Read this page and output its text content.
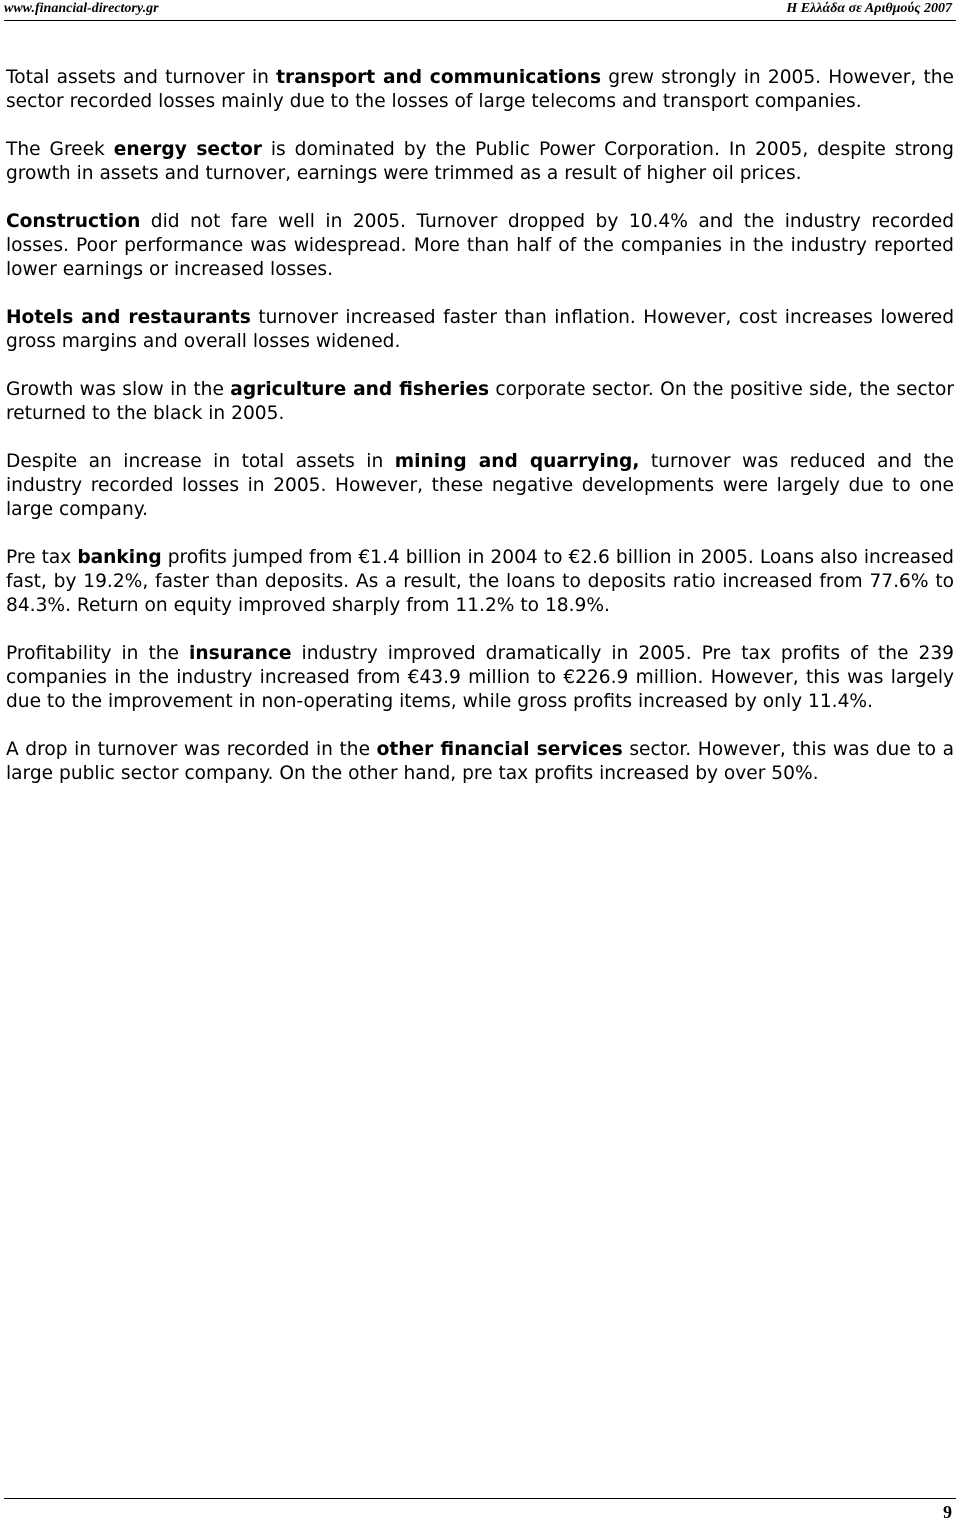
www.financial-directory.gr	Η Ελλάδα σε Αριθμούς 2007

Total assets and turnover in transport and communications grew strongly in 2005. However, the sector recorded losses mainly due to the losses of large telecoms and transport companies.

The Greek energy sector is dominated by the Public Power Corporation. In 2005, despite strong growth in assets and turnover, earnings were trimmed as a result of higher oil prices.

Construction did not fare well in 2005. Turnover dropped by 10.4% and the industry recorded losses. Poor performance was widespread. More than half of the companies in the industry reported lower earnings or increased losses.

Hotels and restaurants turnover increased faster than inflation. However, cost increases lowered gross margins and overall losses widened.

Growth was slow in the agriculture and fisheries corporate sector. On the positive side, the sector returned to the black in 2005.

Despite an increase in total assets in mining and quarrying, turnover was reduced and the industry recorded losses in 2005. However, these negative developments were largely due to one large company.

Pre tax banking profits jumped from €1.4 billion in 2004 to €2.6 billion in 2005. Loans also increased fast, by 19.2%, faster than deposits. As a result, the loans to deposits ratio increased from 77.6% to 84.3%. Return on equity improved sharply from 11.2% to 18.9%.

Profitability in the insurance industry improved dramatically in 2005. Pre tax profits of the 239 companies in the industry increased from €43.9 million to €226.9 million. However, this was largely due to the improvement in non-operating items, while gross profits increased by only 11.4%.

A drop in turnover was recorded in the other financial services sector. However, this was due to a large public sector company. On the other hand, pre tax profits increased by over 50%.

9
